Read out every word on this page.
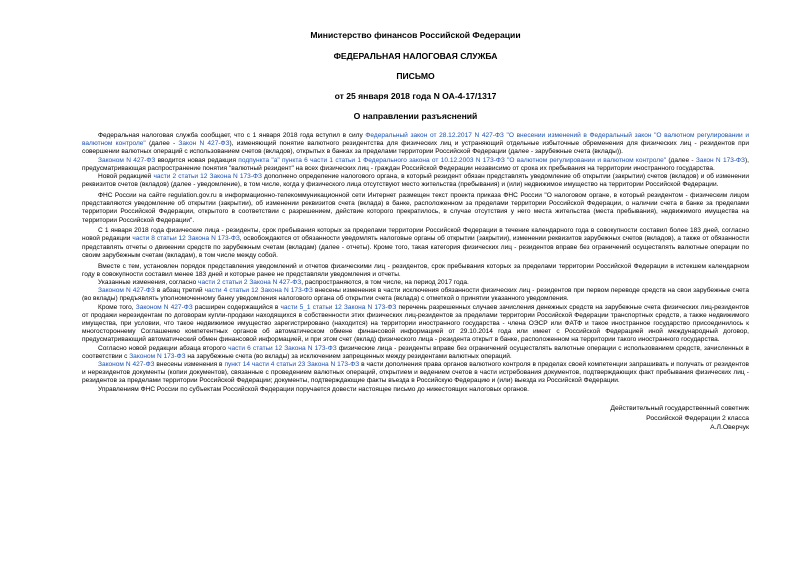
Министерство финансов Российской Федерации
ФЕДЕРАЛЬНАЯ НАЛОГОВАЯ СЛУЖБА
ПИСЬМО
от 25 января 2018 года N ОА-4-17/1317
О направлении разъяснений

Федеральная налоговая служба сообщает, что с 1 января 2018 года вступил в силу Федеральный закон от 28.12.2017 N 427-ФЗ "О внесении изменений в Федеральный закон "О валютном регулировании и валютном контроле" (далее - Закон N 427-ФЗ), изменяющий понятие валютного резидентства для физических лиц и устраняющий отдельные избыточные обременения для физических лиц - резидентов при совершении валютных операций с использованием счетов (вкладов), открытых в банках за пределами территории Российской Федерации (далее - зарубежные счета (вклады)).

Законом N 427-ФЗ вводится новая редакция подпункта "а" пункта 6 части 1 статьи 1 Федерального закона от 10.12.2003 N 173-ФЗ "О валютном регулировании и валютном контроле" (далее - Закон N 173-ФЗ), предусматривающая распространение понятия "валютный резидент" на всех физических лиц - граждан Российской Федерации независимо от срока их пребывания на территории иностранного государства.

Новой редакцией части 2 статьи 12 Закона N 173-ФЗ дополнено определение налогового органа, в который резидент обязан представлять уведомление об открытии (закрытии) счетов (вкладов) и об изменении реквизитов счетов (вкладов) (далее - уведомление), в том числе, когда у физического лица отсутствуют место жительства (пребывания) и (или) недвижимое имущество на территории Российской Федерации.

ФНС России на сайте regulation.gov.ru в информационно-телекоммуникационной сети Интернет размещен текст проекта приказа ФНС России "О налоговом органе, в который резидентом - физическим лицом представляются уведомление об открытии (закрытии), об изменении реквизитов счета (вклада) в банке, расположенном за пределами территории Российской Федерации, о наличии счета в банке за пределами территории Российской Федерации, открытого в соответствии с разрешением, действие которого прекратилось, в случае отсутствия у него места жительства (места пребывания), недвижимого имущества на территории Российской Федерации".

С 1 января 2018 года физические лица - резиденты, срок пребывания которых за пределами территории Российской Федерации в течение календарного года в совокупности составил более 183 дней, согласно новой редакции части 8 статьи 12 Закона N 173-ФЗ, освобождаются от обязанности уведомлять налоговые органы об открытии (закрытии), изменении реквизитов зарубежных счетов (вкладов), а также от обязанности представлять отчеты о движении средств по зарубежным счетам (вкладам) (далее - отчеты). Кроме того, такая категория физических лиц - резидентов вправе без ограничений осуществлять валютные операции по своим зарубежным счетам (вкладам), в том числе между собой.

Вместе с тем, установлен порядок представления уведомлений и отчетов физическими лиц - резидентов, срок пребывания которых за пределами территории Российской Федерации в истекшем календарном году в совокупности составил менее 183 дней и которые ранее не представляли уведомления и отчеты.

Указанные изменения, согласно части 2 статьи 2 Закона N 427-ФЗ, распространяются, в том числе, на период 2017 года.

Законом N 427-ФЗ в абзац третий части 4 статьи 12 Закона N 173-ФЗ внесены изменения в части исключения обязанности физических лиц - резидентов при первом переводе средств на свои зарубежные счета (во вклады) предъявлять уполномоченному банку уведомления налогового органа об открытии счета (вклада) с отметкой о принятии указанного уведомления.

Кроме того, Законом N 427-ФЗ расширен содержащийся в части 5_1 статьи 12 Закона N 173-ФЗ перечень разрешенных случаев зачисления денежных средств на зарубежные счета физических лиц-резидентов от продажи нерезидентам по договорам купли-продажи находящихся в собственности этих физических лиц-резидентов за пределами территории Российской Федерации транспортных средств, а также недвижимого имущества, при условии, что такое недвижимое имущество зарегистрировано (находится) на территории иностранного государства - члена ОЭСР или ФАТФ и такое иностранное государство присоединилось к многостороннему Соглашению компетентных органов об автоматическом обмене финансовой информацией от 29.10.2014 года или имеет с Российской Федерацией иной международный договор, предусматривающий автоматический обмен финансовой информацией, и при этом счет (вклад) физического лица - резидента открыт в банке, расположенном на территории такого иностранного государства.

Согласно новой редакции абзаца второго части 6 статьи 12 Закона N 173-ФЗ физические лица - резиденты вправе без ограничений осуществлять валютные операции с использованием средств, зачисленных в соответствии с Законом N 173-ФЗ на зарубежные счета (во вклады) за исключением запрещенных между резидентами валютных операций.

Законом N 427-ФЗ внесены изменения в пункт 14 части 4 статьи 23 Закона N 173-ФЗ в части дополнения права органов валютного контроля в пределах своей компетенции запрашивать и получать от резидентов и нерезидентов документы (копии документов), связанные с проведением валютных операций, открытием и ведением счетов в части истребования документов, подтверждающих факт пребывания физических лиц - резидентов за пределами территории Российской Федерации; документы, подтверждающие факты въезда в Российскую Федерацию и (или) выезда из Российской Федерации.

Управлениям ФНС России по субъектам Российской Федерации поручается довести настоящее письмо до нижестоящих налоговых органов.

Действительный государственный советник
Российской Федерации 2 класса
А.Л.Оверчук
